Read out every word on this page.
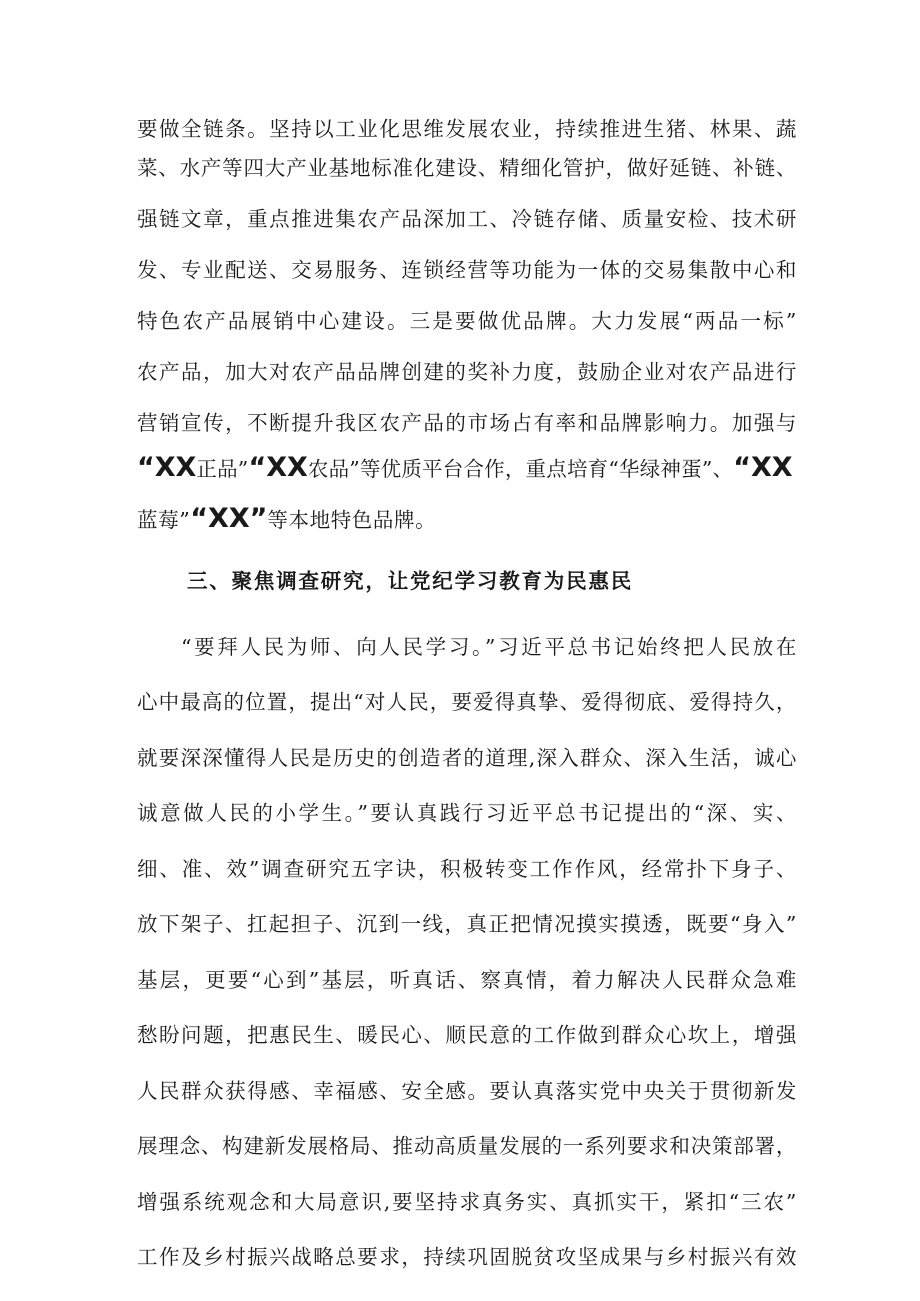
要做全链条。坚持以工业化思维发展农业，持续推进生猪、林果、蔬
菜、水产等四大产业基地标准化建设、精细化管护，做好延链、补链、
强链文章，重点推进集农产品深加工、冷链存储、质量安检、技术研
发、专业配送、交易服务、连锁经营等功能为一体的交易集散中心和
特色农产品展销中心建设。三是要做优品牌。大力发展“两品一标”
农产品，加大对农产品品牌创建的奖补力度，鼓励企业对农产品进行
营销宣传，不断提升我区农产品的市场占有率和品牌影响力。加强与
“XX正品”“XX农品”等优质平台合作，重点培育“华绿神蛋”、“XX
蓝莓”“XX”等本地特色品牌。
三、聚焦调查研究，让党纪学习教育为民惠民
“要拜人民为师、向人民学习。”习近平总书记始终把人民放在
心中最高的位置，提出“对人民，要爱得真挚、爱得彻底、爱得持久，
就要深深懂得人民是历史的创造者的道理,深入群众、深入生活，诚心
诚意做人民的小学生。”要认真践行习近平总书记提出的“深、实、
细、准、效”调查研究五字诀，积极转变工作作风，经常扑下身子、
放下架子、扛起担子、沉到一线，真正把情况摸实摸透，既要“身入”
基层，更要“心到”基层，听真话、察真情，着力解决人民群众急难
愁盼问题，把惠民生、暖民心、顺民意的工作做到群众心坎上，增强
人民群众获得感、幸福感、安全感。要认真落实党中央关于贯彻新发
展理念、构建新发展格局、推动高质量发展的一系列要求和决策部署，
增强系统观念和大局意识,要坚持求真务实、真抓实干，紧扣“三农”
工作及乡村振兴战略总要求，持续巩固脱贫攻坚成果与乡村振兴有效
